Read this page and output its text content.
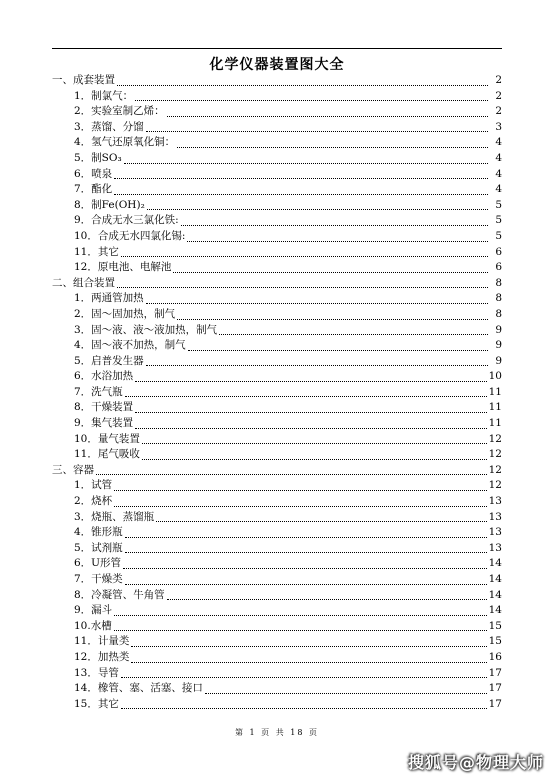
化学仪器装置图大全
一、成套装置	2
1．制氯气：	2
2．实验室制乙烯：	2
3．蒸馏、分馏	3
4．氢气还原氧化铜：	4
5．制SO₃	4
6．喷泉	4
7．酯化	4
8．制Fe(OH)₂	5
9．合成无水三氯化铁:	5
10．合成无水四氯化锡:	5
11．其它	6
12．原电池、电解池	6
二、组合装置	8
1．两通管加热	8
2．固～固加热，制气	8
3．固～液、液～液加热，制气	9
4．固～液不加热，制气	9
5．启普发生器	9
6．水浴加热	10
7．洗气瓶	11
8．干燥装置	11
9．集气装置	11
10．量气装置	12
11．尾气吸收	12
三、容器	12
1．试管	12
2．烧杯	13
3．烧瓶、蒸馏瓶	13
4．锥形瓶	13
5．试剂瓶	13
6．U形管	14
7．干燥类	14
8．冷凝管、牛角管	14
9．漏斗	14
10.水槽	15
11．计量类	15
12．加热类	16
13．导管	17
14．橡管、塞、活塞、接口	17
15．其它	17
第 1 页 共 18 页
搜狐号@物理大师
